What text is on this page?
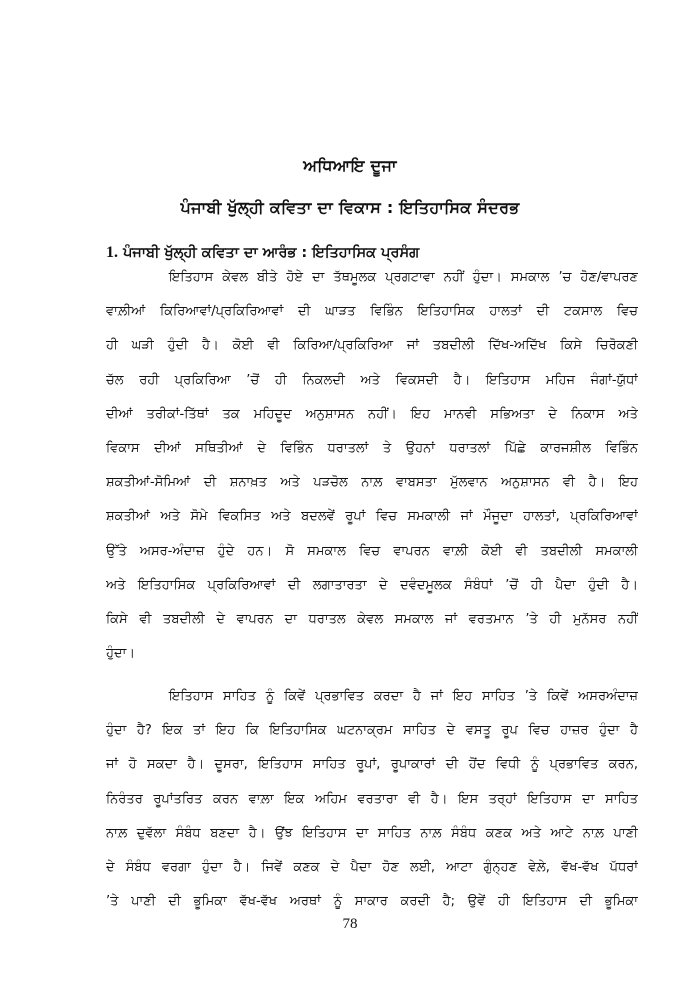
ਅਧਿਆਇ ਦੂਜਾ
ਪੰਜਾਬੀ ਖੁੱਲ੍ਹੀ ਕਵਿਤਾ ਦਾ ਵਿਕਾਸ : ਇਤਿਹਾਸਿਕ ਸੰਦਰਭ
1. ਪੰਜਾਬੀ ਖੁੱਲ੍ਹੀ ਕਵਿਤਾ ਦਾ ਆਰੰਭ : ਇਤਿਹਾਸਿਕ ਪ੍ਰਸੰਗ
ਇਤਿਹਾਸ ਕੇਵਲ ਬੀਤੇ ਹੋਏ ਦਾ ਤੱਥਮੂਲਕ ਪ੍ਰਗਟਾਵਾ ਨਹੀਂ ਹੁੰਦਾ। ਸਮਕਾਲ ’ਚ ਹੋਣ/ਵਾਪਰਣ
ਵਾਲ਼ੀਆਂ ਕਿਰਿਆਵਾਂ/ਪ੍ਰਕਿਰਿਆਵਾਂ ਦੀ ਘਾੜਤ ਵਿਭਿੰਨ ਇਤਿਹਾਸਿਕ ਹਾਲਤਾਂ ਦੀ ਟਕਸਾਲ ਵਿਚ
ਹੀ ਘੜੀ ਹੁੰਦੀ ਹੈ। ਕੋਈ ਵੀ ਕਿਰਿਆ/ਪ੍ਰਕਿਰਿਆ ਜਾਂ ਤਬਦੀਲੀ ਦਿੱਖ-ਅਦਿੱਖ ਕਿਸੇ ਚਿਰੋਕਣੀ
ਚੱਲ ਰਹੀ ਪ੍ਰਕਿਰਿਆ ’ਚੋਂ ਹੀ ਨਿਕਲਦੀ ਅਤੇ ਵਿਕਸਦੀ ਹੈ। ਇਤਿਹਾਸ ਮਹਿਜ ਜੰਗਾਂ-ਯੁੱਧਾਂ
ਦੀਆਂ ਤਰੀਕਾਂ-ਤਿੱਥਾਂ ਤਕ ਮਹਿਦੂਦ ਅਨੁਸ਼ਾਸਨ ਨਹੀਂ। ਇਹ ਮਾਨਵੀ ਸਭਿਅਤਾ ਦੇ ਨਿਕਾਸ ਅਤੇ
ਵਿਕਾਸ ਦੀਆਂ ਸਥਿਤੀਆਂ ਦੇ ਵਿਭਿੰਨ ਧਰਾਤਲਾਂ ਤੇ ਉਹਨਾਂ ਧਰਾਤਲਾਂ ਪਿੱਛੇ ਕਾਰਜਸ਼ੀਲ ਵਿਭਿੰਨ
ਸ਼ਕਤੀਆਂ-ਸੋਮਿਆਂ ਦੀ ਸ਼ਨਾਖ਼ਤ ਅਤੇ ਪੜਚੋਲ ਨਾਲ਼ ਵਾਬਸਤਾ ਮੁੱਲਵਾਨ ਅਨੁਸ਼ਾਸਨ ਵੀ ਹੈ। ਇਹ
ਸ਼ਕਤੀਆਂ ਅਤੇ ਸੋਮੇ ਵਿਕਸਿਤ ਅਤੇ ਬਦਲਵੇਂ ਰੂਪਾਂ ਵਿਚ ਸਮਕਾਲੀ ਜਾਂ ਮੌਜੂਦਾ ਹਾਲਤਾਂ, ਪ੍ਰਕਿਰਿਆਵਾਂ
ਉੱਤੇ ਅਸਰ-ਅੰਦਾਜ਼ ਹੁੰਦੇ ਹਨ। ਸੋ ਸਮਕਾਲ ਵਿਚ ਵਾਪਰਨ ਵਾਲ਼ੀ ਕੋਈ ਵੀ ਤਬਦੀਲੀ ਸਮਕਾਲੀ
ਅਤੇ ਇਤਿਹਾਸਿਕ ਪ੍ਰਕਿਰਿਆਵਾਂ ਦੀ ਲਗਾਤਾਰਤਾ ਦੇ ਦਵੰਦਮੂਲਕ ਸੰਬੰਧਾਂ ’ਚੋਂ ਹੀ ਪੈਦਾ ਹੁੰਦੀ ਹੈ।
ਕਿਸੇ ਵੀ ਤਬਦੀਲੀ ਦੇ ਵਾਪਰਨ ਦਾ ਧਰਾਤਲ ਕੇਵਲ ਸਮਕਾਲ ਜਾਂ ਵਰਤਮਾਨ ’ਤੇ ਹੀ ਮੁਨੱਸਰ ਨਹੀਂ
ਹੁੰਦਾ।
ਇਤਿਹਾਸ ਸਾਹਿਤ ਨੂੰ ਕਿਵੇਂ ਪ੍ਰਭਾਵਿਤ ਕਰਦਾ ਹੈ ਜਾਂ ਇਹ ਸਾਹਿਤ ’ਤੇ ਕਿਵੇਂ ਅਸਰਅੰਦਾਜ਼
ਹੁੰਦਾ ਹੈ? ਇਕ ਤਾਂ ਇਹ ਕਿ ਇਤਿਹਾਸਿਕ ਘਟਨਾਕ੍ਰਮ ਸਾਹਿਤ ਦੇ ਵਸਤੂ ਰੂਪ ਵਿਚ ਹਾਜ਼ਰ ਹੁੰਦਾ ਹੈ
ਜਾਂ ਹੋ ਸਕਦਾ ਹੈ। ਦੂਸਰਾ, ਇਤਿਹਾਸ ਸਾਹਿਤ ਰੂਪਾਂ, ਰੂਪਾਕਾਰਾਂ ਦੀ ਹੋਂਦ ਵਿਧੀ ਨੂੰ ਪ੍ਰਭਾਵਿਤ ਕਰਨ,
ਨਿਰੰਤਰ ਰੂਪਾਂਤਰਿਤ ਕਰਨ ਵਾਲ਼ਾ ਇਕ ਅਹਿਮ ਵਰਤਾਰਾ ਵੀ ਹੈ। ਇਸ ਤਰ੍ਹਾਂ ਇਤਿਹਾਸ ਦਾ ਸਾਹਿਤ
ਨਾਲ਼ ਦੁਵੱਲਾ ਸੰਬੰਧ ਬਣਦਾ ਹੈ। ਉਂਝ ਇਤਿਹਾਸ ਦਾ ਸਾਹਿਤ ਨਾਲ਼ ਸੰਬੰਧ ਕਣਕ ਅਤੇ ਆਟੇ ਨਾਲ਼ ਪਾਣੀ
ਦੇ ਸੰਬੰਧ ਵਰਗਾ ਹੁੰਦਾ ਹੈ। ਜਿਵੇਂ ਕਣਕ ਦੇ ਪੈਦਾ ਹੋਣ ਲਈ, ਆਟਾ ਗੁੰਨ੍ਹਣ ਵੇਲ਼ੇ, ਵੱਖ-ਵੱਖ ਪੱਧਰਾਂ
’ਤੇ ਪਾਣੀ ਦੀ ਭੂਮਿਕਾ ਵੱਖ-ਵੱਖ ਅਰਥਾਂ ਨੂੰ ਸਾਕਾਰ ਕਰਦੀ ਹੈ; ਉਵੇਂ ਹੀ ਇਤਿਹਾਸ ਦੀ ਭੂਮਿਕਾ
78
